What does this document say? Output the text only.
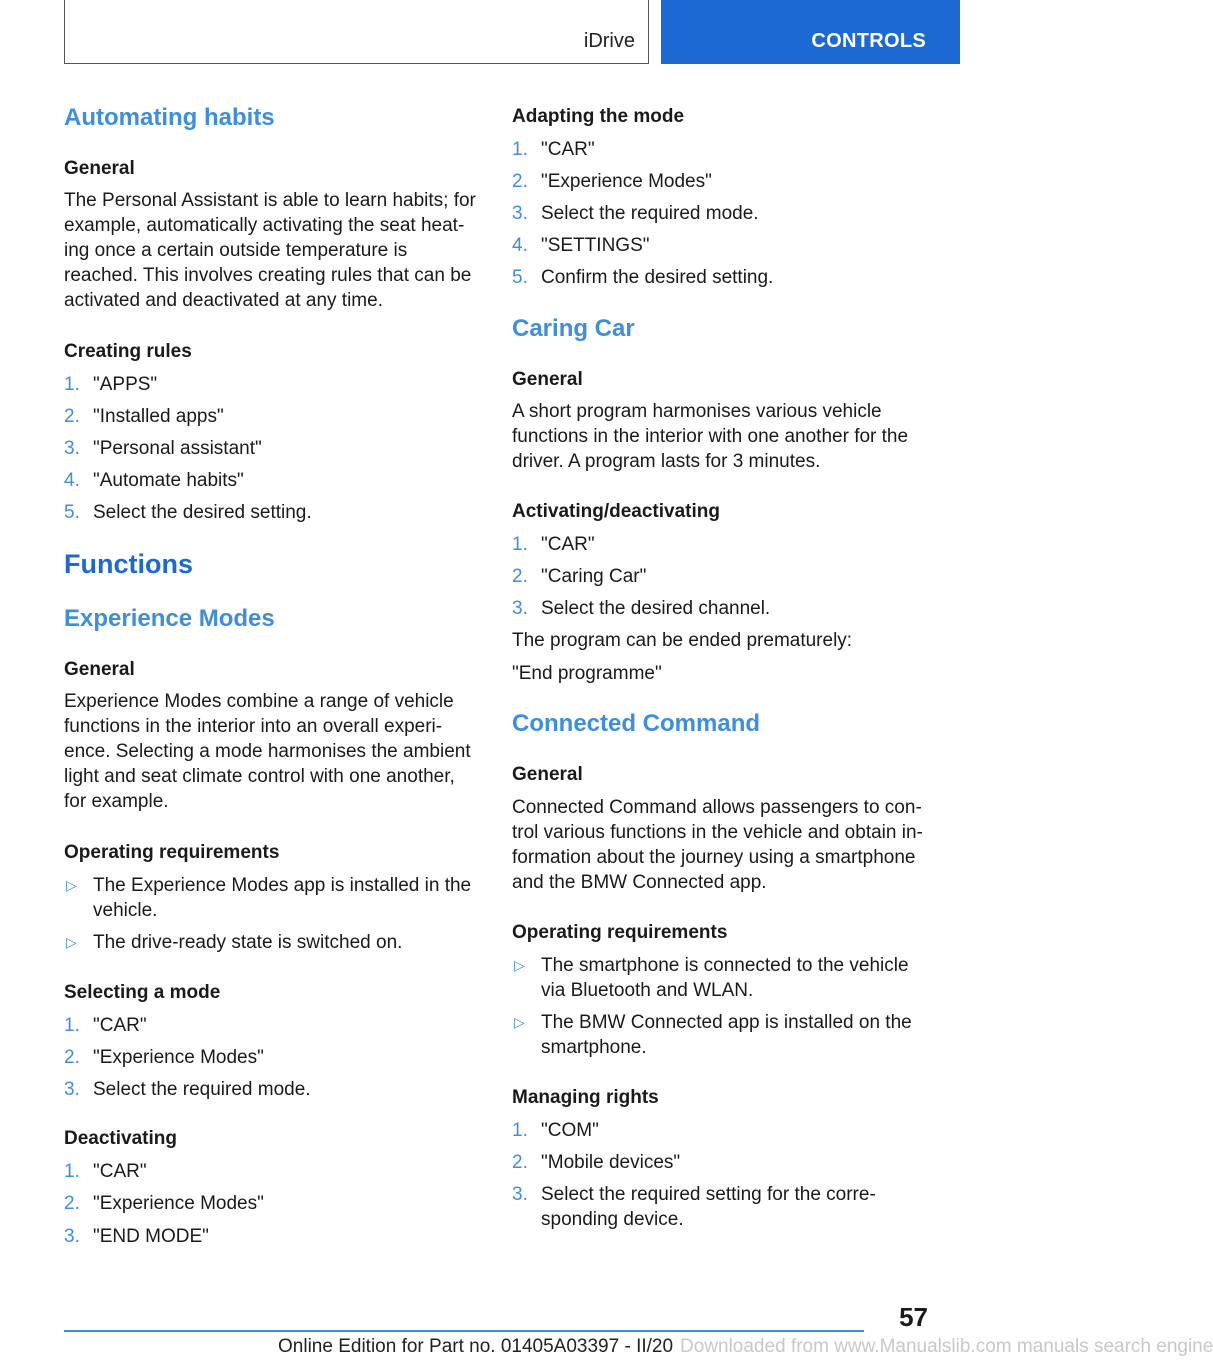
iDrive	CONTROLS
Automating habits
General
The Personal Assistant is able to learn habits; for
example, automatically activating the seat heat‐
ing once a certain outside temperature is
reached. This involves creating rules that can be
activated and deactivated at any time.
Creating rules
1. "APPS"
2. "Installed apps"
3. "Personal assistant"
4. "Automate habits"
5. Select the desired setting.
Functions
Experience Modes
General
Experience Modes combine a range of vehicle
functions in the interior into an overall experi‐
ence. Selecting a mode harmonises the ambient
light and seat climate control with one another,
for example.
Operating requirements
▷ The Experience Modes app is installed in the
vehicle.
▷ The drive-ready state is switched on.
Selecting a mode
1. "CAR"
2. "Experience Modes"
3. Select the required mode.
Deactivating
1. "CAR"
2. "Experience Modes"
3. "END MODE"
Adapting the mode
1. "CAR"
2. "Experience Modes"
3. Select the required mode.
4. "SETTINGS"
5. Confirm the desired setting.
Caring Car
General
A short program harmonises various vehicle
functions in the interior with one another for the
driver. A program lasts for 3 minutes.
Activating/deactivating
1. "CAR"
2. "Caring Car"
3. Select the desired channel.
The program can be ended prematurely:
"End programme"
Connected Command
General
Connected Command allows passengers to con‐
trol various functions in the vehicle and obtain in‐
formation about the journey using a smartphone
and the BMW Connected app.
Operating requirements
▷ The smartphone is connected to the vehicle
via Bluetooth and WLAN.
▷ The BMW Connected app is installed on the
smartphone.
Managing rights
1. "COM"
2. "Mobile devices"
3. Select the required setting for the corre‐
sponding device.
57
Downloaded from www.Manualslib.com manuals search engine
Online Edition for Part no. 01405A03397 - II/20
